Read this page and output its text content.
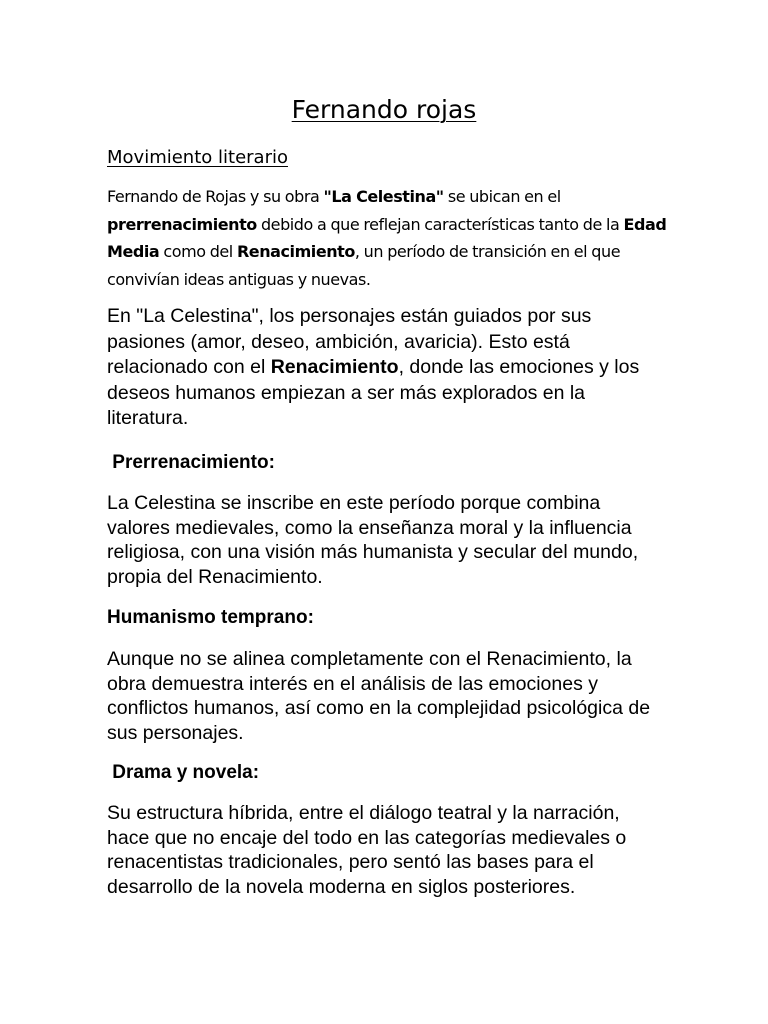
Fernando rojas
Movimiento literario

Fernando de Rojas y su obra "La Celestina" se ubican en el prerrenacimiento debido a que reflejan características tanto de la Edad Media como del Renacimiento, un período de transición en el que convivían ideas antiguas y nuevas.

En "La Celestina", los personajes están guiados por sus pasiones (amor, deseo, ambición, avaricia). Esto está relacionado con el Renacimiento, donde las emociones y los deseos humanos empiezan a ser más explorados en la literatura.

Prerrenacimiento:

La Celestina se inscribe en este período porque combina valores medievales, como la enseñanza moral y la influencia religiosa, con una visión más humanista y secular del mundo, propia del Renacimiento.

Humanismo temprano:

Aunque no se alinea completamente con el Renacimiento, la obra demuestra interés en el análisis de las emociones y conflictos humanos, así como en la complejidad psicológica de sus personajes.

Drama y novela:

Su estructura híbrida, entre el diálogo teatral y la narración, hace que no encaje del todo en las categorías medievales o renacentistas tradicionales, pero sentó las bases para el desarrollo de la novela moderna en siglos posteriores.
